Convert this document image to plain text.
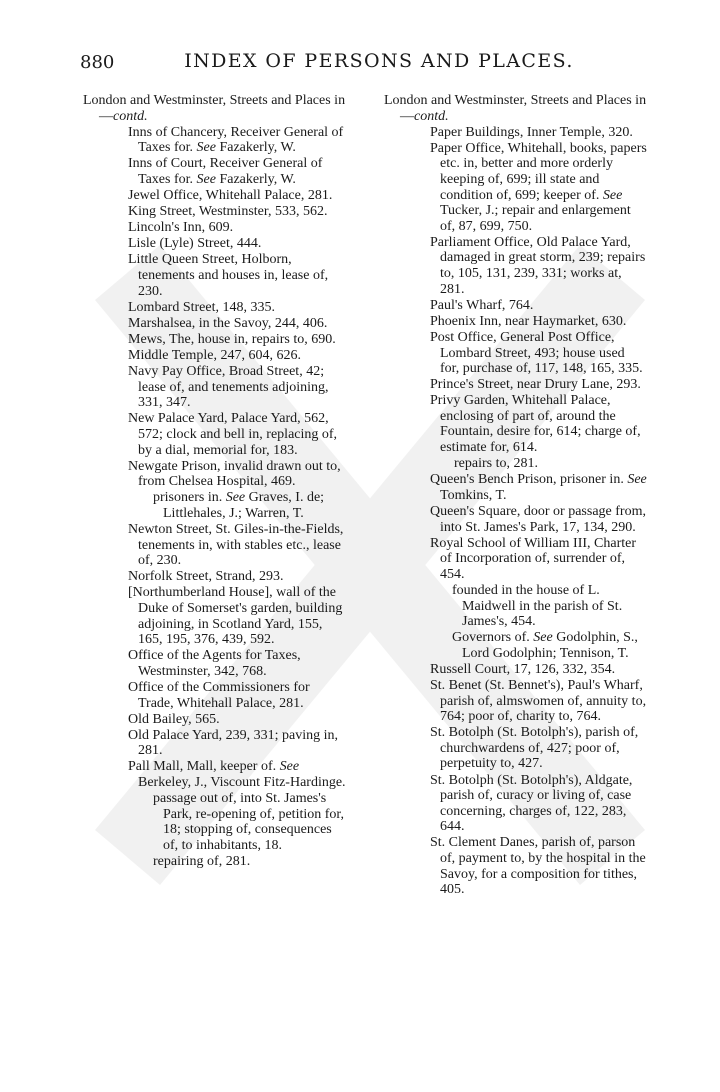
880	INDEX OF PERSONS AND PLACES.
London and Westminster, Streets and Places in—contd.
Inns of Chancery, Receiver General of Taxes for. See Fazakerly, W.
Inns of Court, Receiver General of Taxes for. See Fazakerly, W.
Jewel Office, Whitehall Palace, 281.
King Street, Westminster, 533, 562.
Lincoln's Inn, 609.
Lisle (Lyle) Street, 444.
Little Queen Street, Holborn, tenements and houses in, lease of, 230.
Lombard Street, 148, 335.
Marshalsea, in the Savoy, 244, 406.
Mews, The, house in, repairs to, 690.
Middle Temple, 247, 604, 626.
Navy Pay Office, Broad Street, 42; lease of, and tenements adjoining, 331, 347.
New Palace Yard, Palace Yard, 562, 572; clock and bell in, replacing of, by a dial, memorial for, 183.
Newgate Prison, invalid drawn out to, from Chelsea Hospital, 469.
prisoners in. See Graves, I. de; Littlehales, J.; Warren, T.
Newton Street, St. Giles-in-the-Fields, tenements in, with stables etc., lease of, 230.
Norfolk Street, Strand, 293.
[Northumberland House], wall of the Duke of Somerset's garden, building adjoining, in Scotland Yard, 155, 165, 195, 376, 439, 592.
Office of the Agents for Taxes, Westminster, 342, 768.
Office of the Commissioners for Trade, Whitehall Palace, 281.
Old Bailey, 565.
Old Palace Yard, 239, 331; paving in, 281.
Pall Mall, Mall, keeper of. See Berkeley, J., Viscount Fitz-Hardinge.
passage out of, into St. James's Park, re-opening of, petition for, 18; stopping of, consequences of, to inhabitants, 18.
repairing of, 281.
London and Westminster, Streets and Places in—contd.
Paper Buildings, Inner Temple, 320.
Paper Office, Whitehall, books, papers etc. in, better and more orderly keeping of, 699; ill state and condition of, 699; keeper of. See Tucker, J.; repair and enlargement of, 87, 699, 750.
Parliament Office, Old Palace Yard, damaged in great storm, 239; repairs to, 105, 131, 239, 331; works at, 281.
Paul's Wharf, 764.
Phoenix Inn, near Haymarket, 630.
Post Office, General Post Office, Lombard Street, 493; house used for, purchase of, 117, 148, 165, 335.
Prince's Street, near Drury Lane, 293.
Privy Garden, Whitehall Palace, enclosing of part of, around the Fountain, desire for, 614; charge of, estimate for, 614.
repairs to, 281.
Queen's Bench Prison, prisoner in. See Tomkins, T.
Queen's Square, door or passage from, into St. James's Park, 17, 134, 290.
Royal School of William III, Charter of Incorporation of, surrender of, 454.
founded in the house of L. Maidwell in the parish of St. James's, 454.
Governors of. See Godolphin, S., Lord Godolphin; Tennison, T.
Russell Court, 17, 126, 332, 354.
St. Benet (St. Bennet's), Paul's Wharf, parish of, almswomen of, annuity to, 764; poor of, charity to, 764.
St. Botolph (St. Botolph's), parish of, churchwardens of, 427; poor of, perpetuity to, 427.
St. Botolph (St. Botolph's), Aldgate, parish of, curacy or living of, case concerning, charges of, 122, 283, 644.
St. Clement Danes, parish of, parson of, payment to, by the hospital in the Savoy, for a composition for tithes, 405.
